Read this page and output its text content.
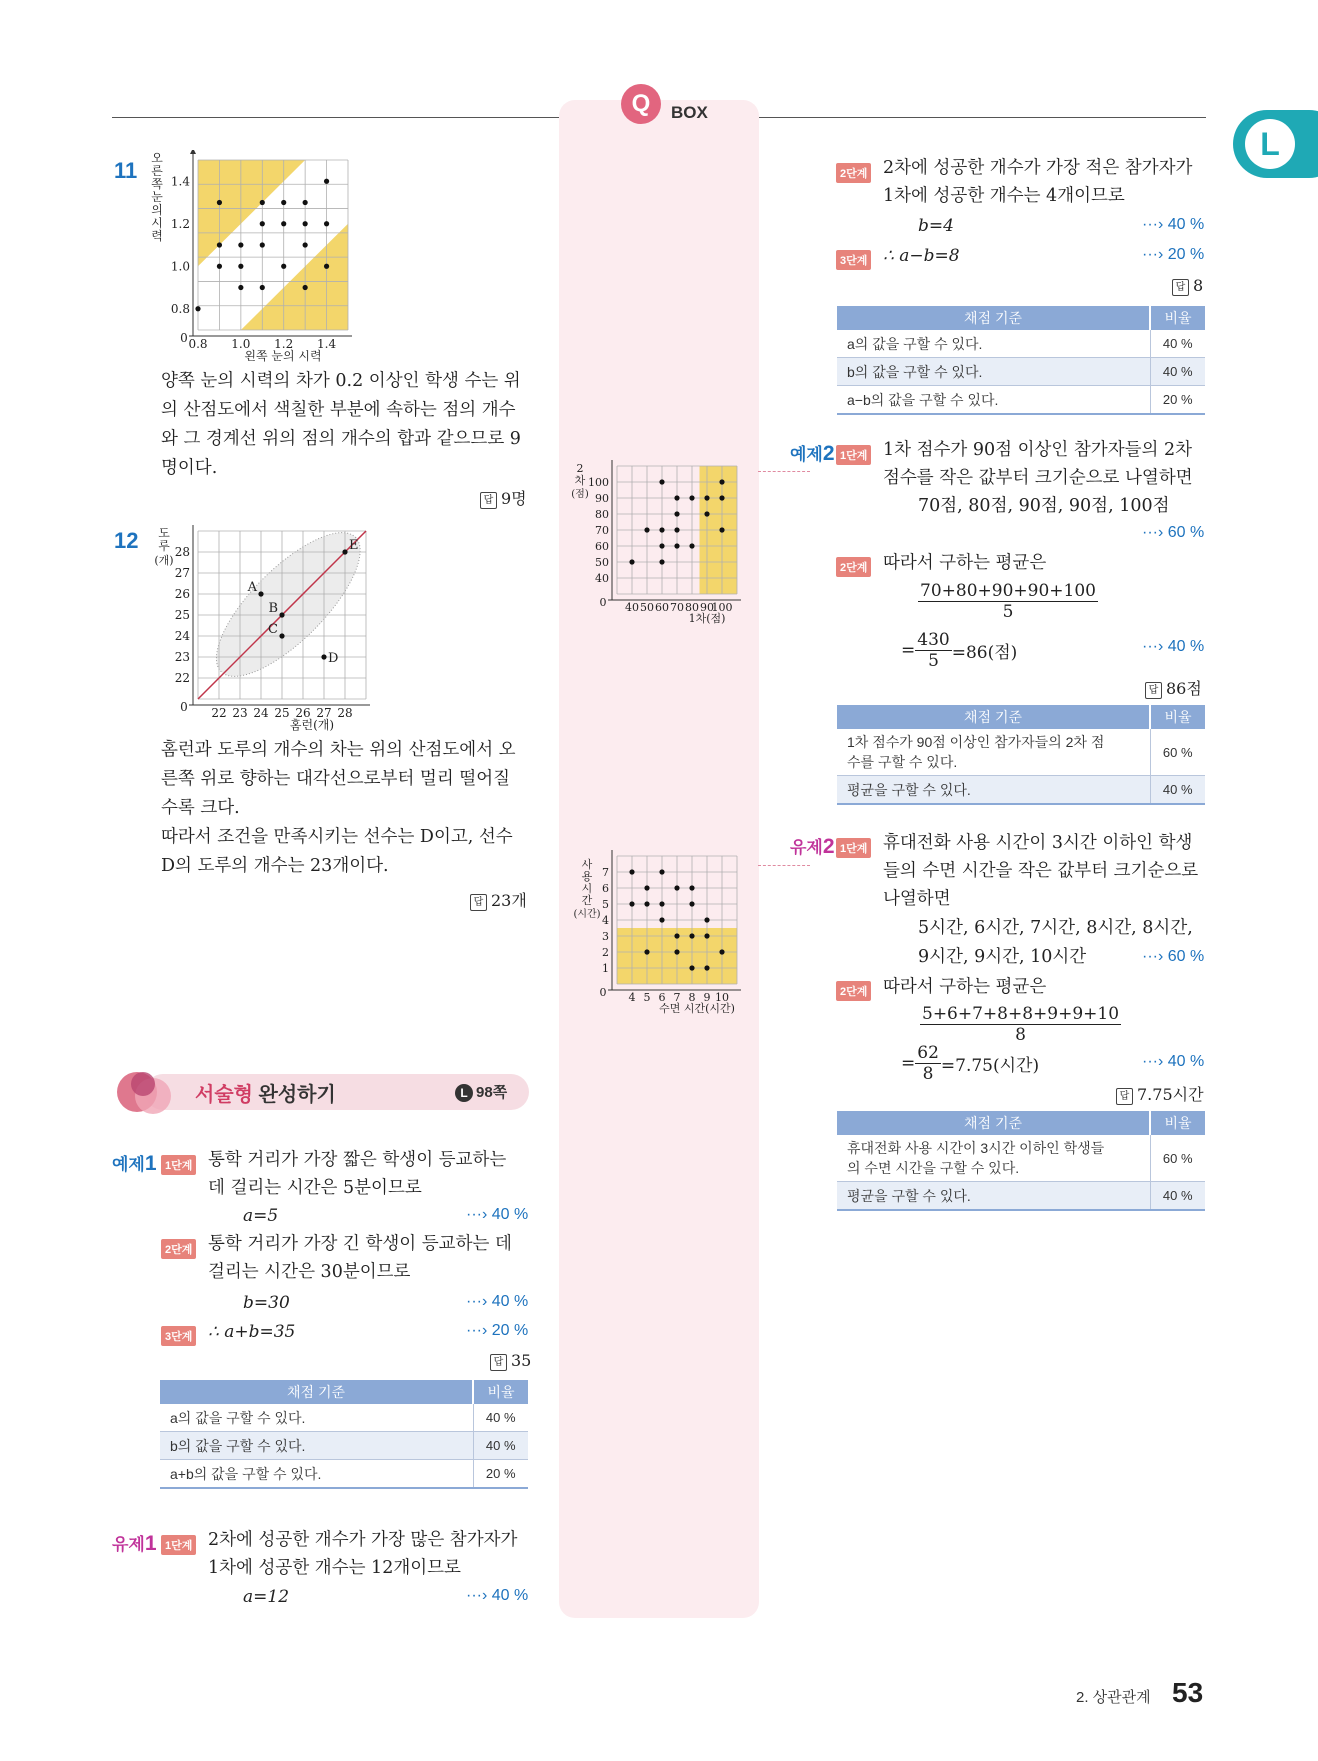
Q	BOX
L
11
0 0.8 1.0 1.2 1.4
0.8
1.0
1.2
1.4
왼쪽 눈의 시력
오
른
쪽
눈
의
시
력
양쪽 눈의 시력의 차가 0.2 이상인 학생 수는 위
의 산점도에서 색칠한 부분에 속하는 점의 개수
와 그 경계선 위의 점의 개수의 합과 같으므로 9
명이다.
답 9명
12
0 22 23 24 25 26 27 28
22
23
24
25
26
27
28
A
B
C
D
E
홈런(개)
도
루
(개)
홈런과 도루의 개수의 차는 위의 산점도에서 오
른쪽 위로 향하는 대각선으로부터 멀리 떨어질
수록 크다.
따라서 조건을 만족시키는 선수는 D이고, 선수
D의 도루의 개수는 23개이다.
답 23개
서술형 완성하기	L 98쪽
예제1 1단계 통학 거리가 가장 짧은 학생이 등교하는
데 걸리는 시간은 5분이므로
a=5	···› 40 %
2단계 통학 거리가 가장 긴 학생이 등교하는 데
걸리는 시간은 30분이므로
b=30	···› 40 %
3단계 ∴ a+b=35	···› 20 %
답 35
채점 기준	비율
a의 값을 구할 수 있다.	40 %
b의 값을 구할 수 있다.	40 %
a+b의 값을 구할 수 있다.	20 %
유제1 1단계 2차에 성공한 개수가 가장 많은 참가자가
1차에 성공한 개수는 12개이므로
a=12	···› 40 %
2단계 2차에 성공한 개수가 가장 적은 참가자가
1차에 성공한 개수는 4개이므로
b=4	···› 40 %
3단계 ∴ a−b=8	···› 20 %
답 8
채점 기준	비율
a의 값을 구할 수 있다.	40 %
b의 값을 구할 수 있다.	40 %
a−b의 값을 구할 수 있다.	20 %
0 40 50 60 70 80 90
100
40
50
60
70
80
90
100
1차(점)
2
차
(점)
예제2 1단계 1차 점수가 90점 이상인 참가자들의 2차
점수를 작은 값부터 크기순으로 나열하면
70점, 80점, 90점, 90점, 100점
···› 60 %
2단계 따라서 구하는 평균은
$\frac{70+80+90+90+100}{5}$
= $\frac{430}{5} =86$(점)	···› 40 %
답 86점
채점 기준	비율
1차 점수가 90점 이상인 참가자들의 2차 점
수를 구할 수 있다.	60 %
평균을 구할 수 있다.	40 %
0 4 5 6 7 8 9 10
1
2
3
4
5
6
7
수면 시간(시간)
사
용
시
간
(시간)
유제2 1단계 휴대전화 사용 시간이 3시간 이하인 학생
들의 수면 시간을 작은 값부터 크기순으로
나열하면
5시간, 6시간, 7시간, 8시간, 8시간,
9시간, 9시간, 10시간	···› 60 %
2단계 따라서 구하는 평균은
$\frac{5+6+7+8+8+9+9+10}{8}$
= $\frac{62}{8} =7.75$(시간)	···› 40 %
답 7.75시간
채점 기준	비율
휴대전화 사용 시간이 3시간 이하인 학생들
의 수면 시간을 구할 수 있다.	60 %
평균을 구할 수 있다.	40 %
2. 상관관계 53
